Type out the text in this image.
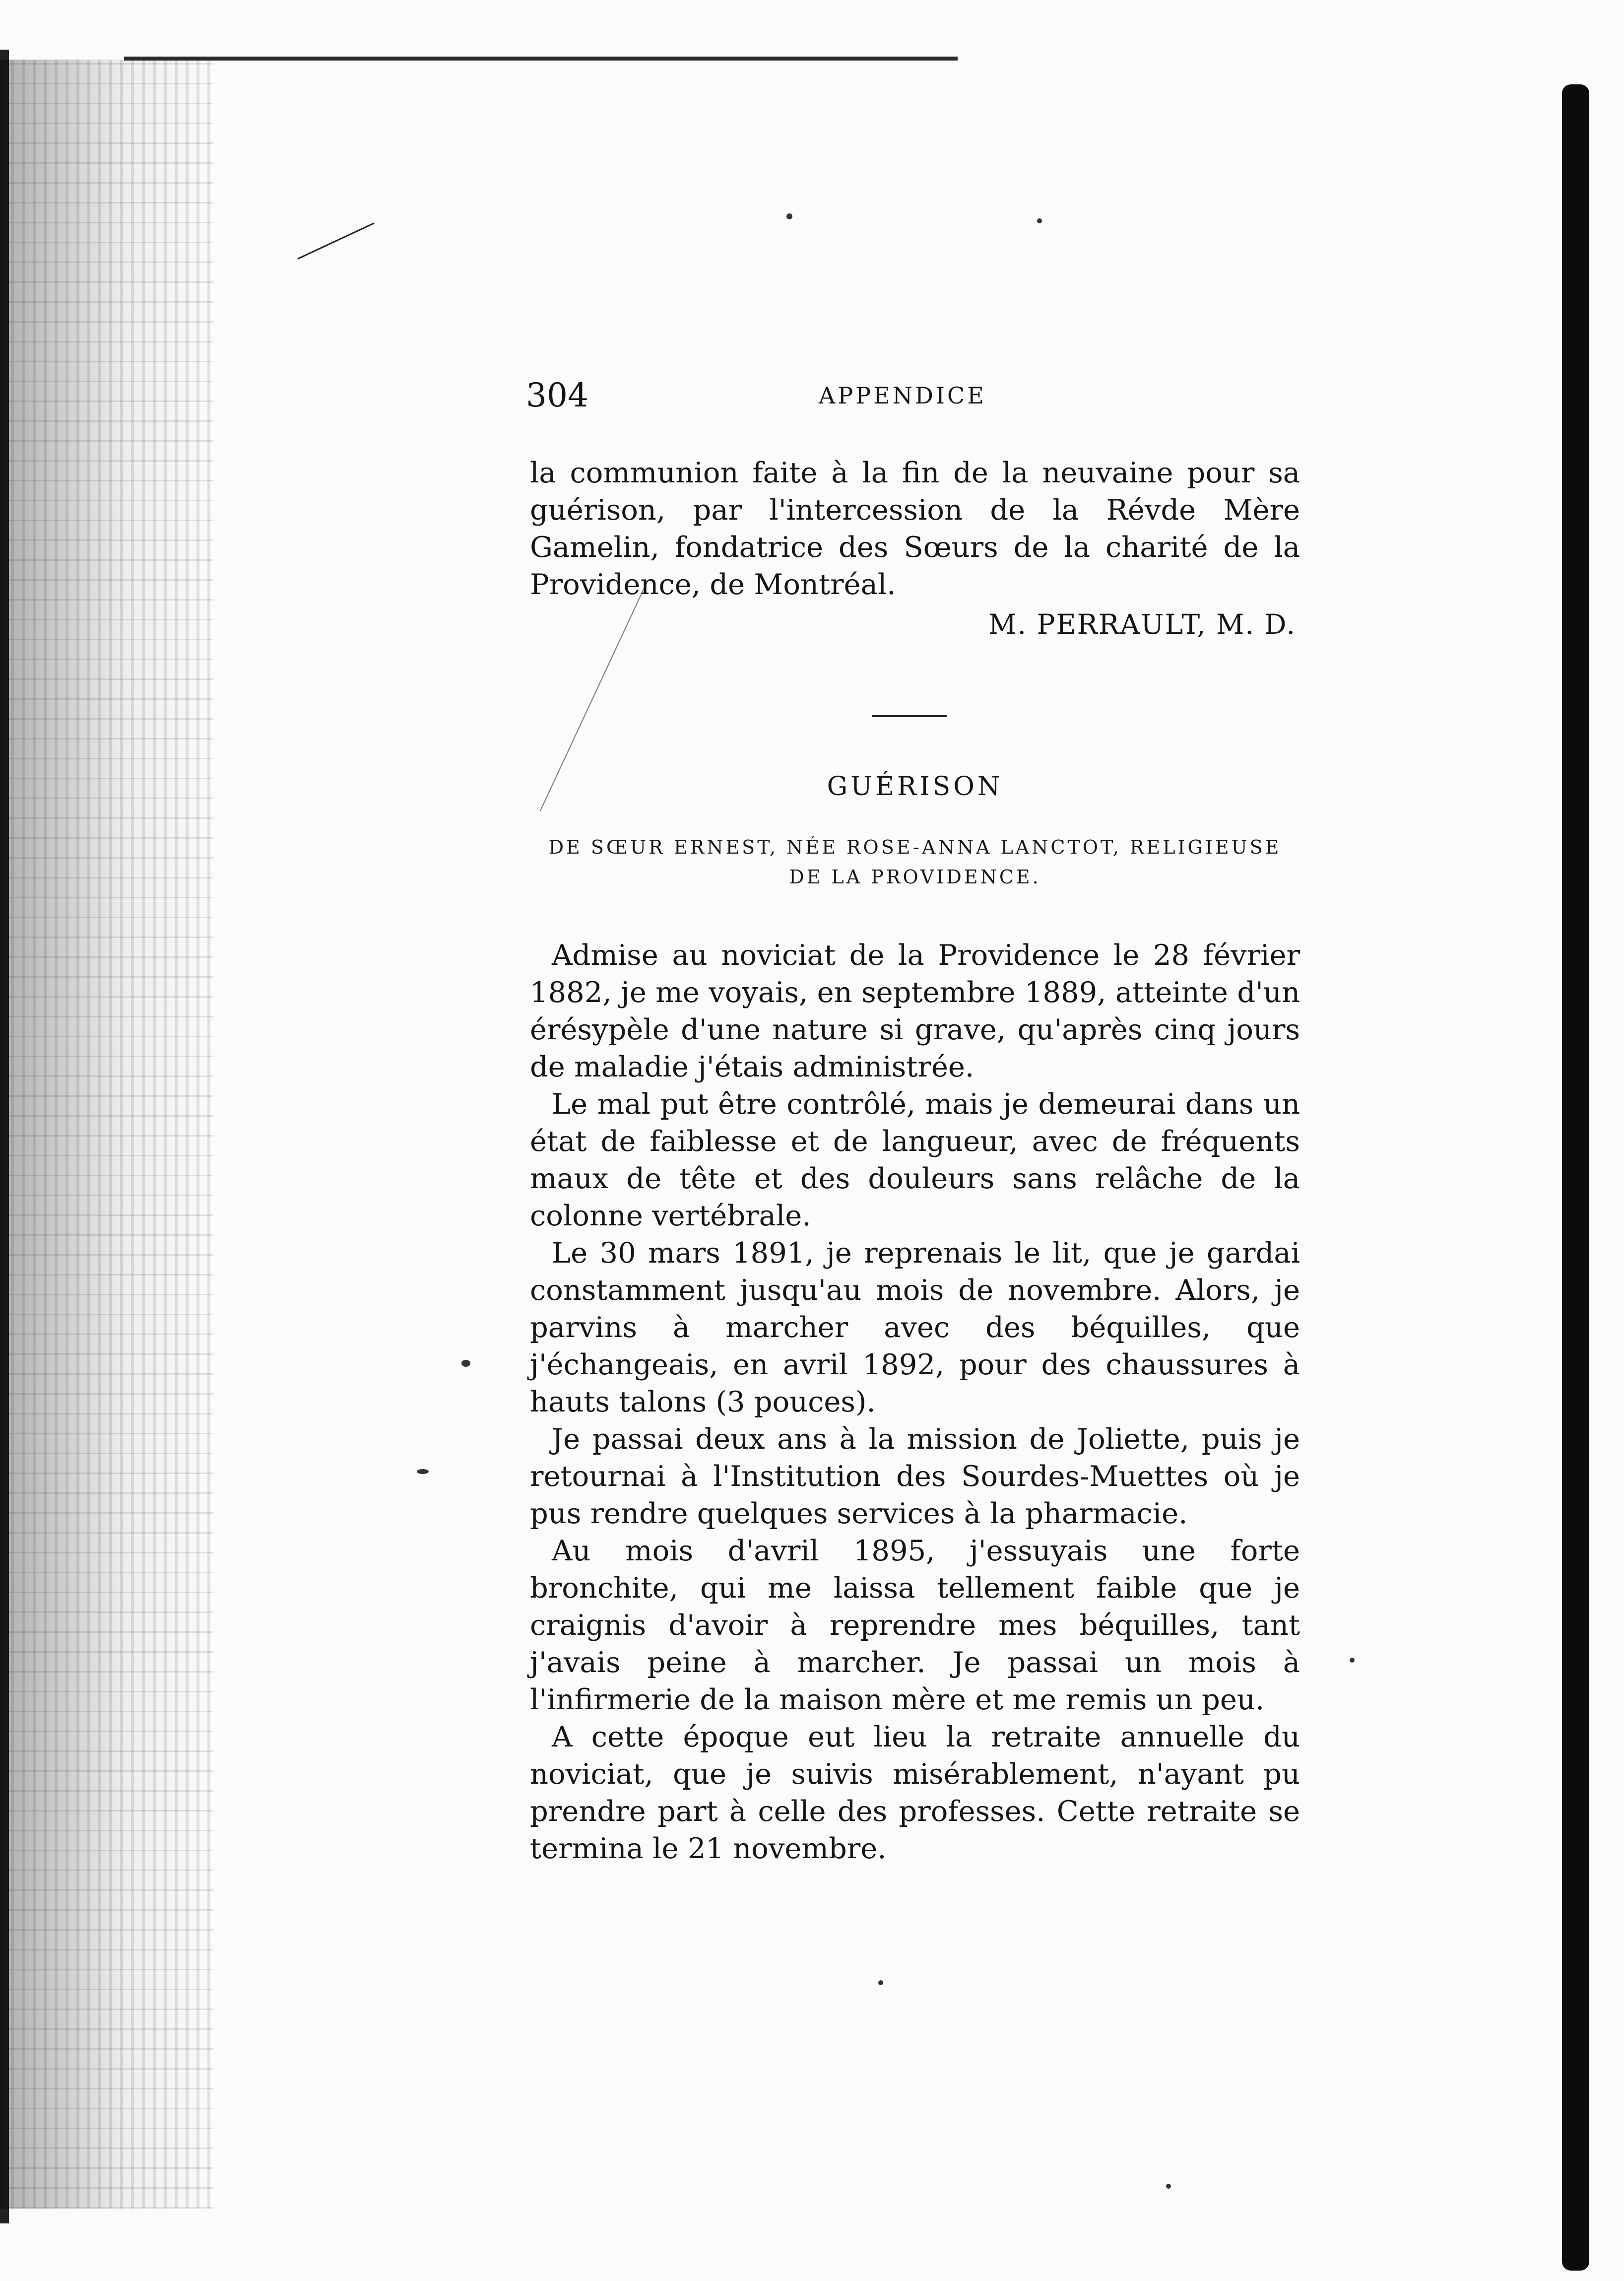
304	APPENDICE

la communion faite à la fin de la neuvaine pour sa guérison, par l'intercession de la Révde Mère Gamelin, fondatrice des Sœurs de la charité de la Providence, de Montréal.

M. PERRAULT, M. D.

GUÉRISON
DE SŒUR ERNEST, NÉE ROSE-ANNA LANCTOT, RELIGIEUSE DE LA PROVIDENCE.

Admise au noviciat de la Providence le 28 février 1882, je me voyais, en septembre 1889, atteinte d'un érésypèle d'une nature si grave, qu'après cinq jours de maladie j'étais administrée.

Le mal put être contrôlé, mais je demeurai dans un état de faiblesse et de langueur, avec de fréquents maux de tête et des douleurs sans relâche de la colonne vertébrale.

Le 30 mars 1891, je reprenais le lit, que je gardai constamment jusqu'au mois de novembre. Alors, je parvins à marcher avec des béquilles, que j'échangeais, en avril 1892, pour des chaussures à hauts talons (3 pouces).

Je passai deux ans à la mission de Joliette, puis je retournai à l'Institution des Sourdes-Muettes où je pus rendre quelques services à la pharmacie.

Au mois d'avril 1895, j'essuyais une forte bronchite, qui me laissa tellement faible que je craignis d'avoir à reprendre mes béquilles, tant j'avais peine à marcher. Je passai un mois à l'infirmerie de la maison mère et me remis un peu.

A cette époque eut lieu la retraite annuelle du noviciat, que je suivis misérablement, n'ayant pu prendre part à celle des professes. Cette retraite se termina le 21 novembre.
